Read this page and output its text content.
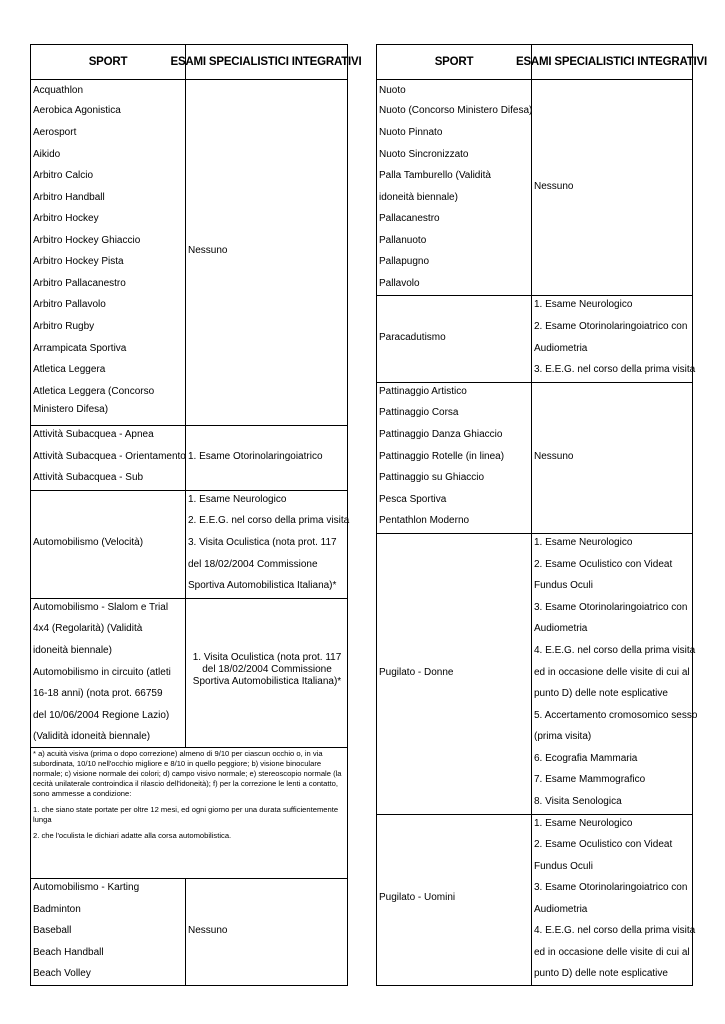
SPORT	ESAMI SPECIALISTICI INTEGRATIVI
Acquathlon
Aerobica Agonistica
Aerosport
Aikido
Arbitro Calcio
Arbitro Handball
Arbitro Hockey
Arbitro Hockey Ghiaccio
Arbitro Hockey Pista
Arbitro Pallacanestro
Arbitro Pallavolo
Arbitro Rugby
Arrampicata Sportiva
Atletica Leggera
Atletica Leggera (Concorso
Ministero Difesa)
Nessuno
Attività Subacquea - Apnea
Attività Subacquea - Orientamento
Attività Subacquea - Sub
1. Esame Otorinolaringoiatrico
Automobilismo (Velocità)
1. Esame Neurologico
2. E.E.G. nel corso della prima visita
3. Visita Oculistica (nota prot. 117
del 18/02/2004 Commissione
Sportiva Automobilistica Italiana)*
Automobilismo - Slalom e Trial
4x4 (Regolarità) (Validità
idoneità biennale)
Automobilismo in circuito (atleti
16-18 anni) (nota prot. 66759
del 10/06/2004 Regione Lazio)
(Validità idoneità biennale)
1. Visita Oculistica (nota prot. 117 del 18/02/2004 Commissione Sportiva Automobilistica Italiana)*

* a) acuità visiva (prima o dopo correzione) almeno di 9/10 per ciascun occhio o, in via subordinata, 10/10 nell'occhio migliore e 8/10 in quello peggiore; b) visione binoculare normale; c) visione normale dei colori; d) campo visivo normale; e) stereoscopio normale (la cecità unilaterale controindica il rilascio dell'idoneità); f) per la correzione le lenti a contatto, sono ammesse a condizione:

1. che siano state portate per oltre 12 mesi, ed ogni giorno per una durata sufficientemente lunga

2. che l'oculista le dichiari adatte alla corsa automobilistica.

Automobilismo - Karting
Badminton
Baseball
Beach Handball
Beach Volley
Nessuno
SPORT	ESAMI SPECIALISTICI INTEGRATIVI
Nuoto
Nuoto (Concorso Ministero Difesa)
Nuoto Pinnato
Nuoto Sincronizzato
Palla Tamburello (Validità
idoneità biennale)
Pallacanestro
Pallanuoto
Pallapugno
Pallavolo
Nessuno
Paracadutismo
1. Esame Neurologico
2. Esame Otorinolaringoiatrico con
Audiometria
3. E.E.G. nel corso della prima visita
Pattinaggio Artistico
Pattinaggio Corsa
Pattinaggio Danza Ghiaccio
Pattinaggio Rotelle (in linea)
Pattinaggio su Ghiaccio
Pesca Sportiva
Pentathlon Moderno
Nessuno
Pugilato - Donne
1. Esame Neurologico
2. Esame Oculistico con Videat
Fundus Oculi
3. Esame Otorinolaringoiatrico con
Audiometria
4. E.E.G. nel corso della prima visita
ed in occasione delle visite di cui al
punto D) delle note esplicative
5. Accertamento cromosomico sesso
(prima visita)
6. Ecografia Mammaria
7. Esame Mammografico
8. Visita Senologica
Pugilato - Uomini
1. Esame Neurologico
2. Esame Oculistico con Videat
Fundus Oculi
3. Esame Otorinolaringoiatrico con
Audiometria
4. E.E.G. nel corso della prima visita
ed in occasione delle visite di cui al
punto D) delle note esplicative
